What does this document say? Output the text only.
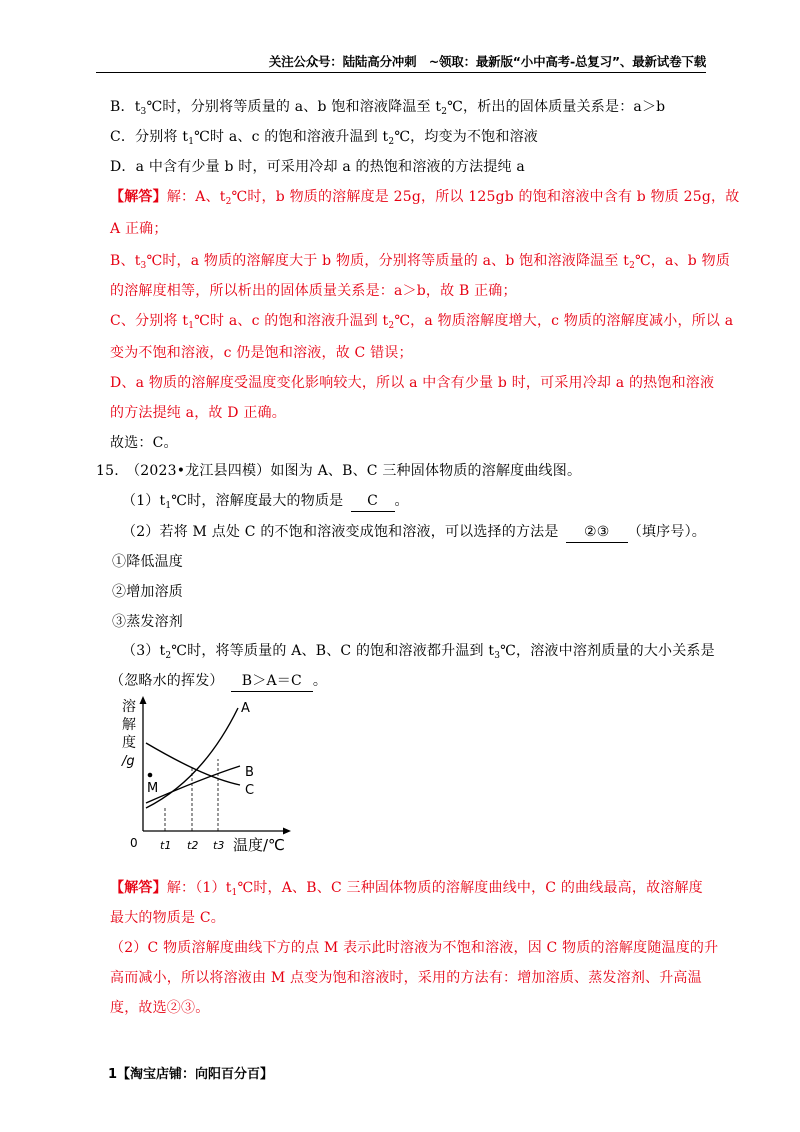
关注公众号：陆陆高分冲刺　~领取：最新版“小中高考-总复习”、最新试卷下载
B．$t_3℃$时，分别将等质量的 a、b 饱和溶液降温至 $t_2℃$，析出的固体质量关系是：a＞b
C．分别将 $t_1℃$时 a、c 的饱和溶液升温到 $t_2℃$，均变为不饱和溶液
D．a 中含有少量 b 时，可采用冷却 a 的热饱和溶液的方法提纯 a
【解答】解：A、$t_2℃$时，b 物质的溶解度是 25g，所以 125gb 的饱和溶液中含有 b 物质 25g，故
A 正确；
B、$t_3℃$时，a 物质的溶解度大于 b 物质，分别将等质量的 a、b 饱和溶液降温至 $t_2℃$，a、b 物质
的溶解度相等，所以析出的固体质量关系是：a＞b，故 B 正确；
C、分别将 $t_1℃$时 a、c 的饱和溶液升温到 $t_2℃$，a 物质溶解度增大，c 物质的溶解度减小，所以 a
变为不饱和溶液，c 仍是饱和溶液，故 C 错误；
D、a 物质的溶解度受温度变化影响较大，所以 a 中含有少量 b 时，可采用冷却 a 的热饱和溶液
的方法提纯 a，故 D 正确。
故选：C。
15.　（2023•龙江县四模）如图为 A、B、C 三种固体物质的溶解度曲线图。
$(1)t_1℃$时，溶解度最大的物质是  C 。
（2）若将 M 点处 C 的不饱和溶液变成饱和溶液，可以选择的方法是  ②③ （填序号）。
①降低温度
②增加溶质
③蒸发溶剂
$(3)t_2℃$时，将等质量的 A、B、C 的饱和溶液都升温到 $t_3℃$，溶液中溶剂质量的大小关系是
（忽略水的挥发）  B＞A＝C 。
溶
解
度
/g
M
A
B
C
0 t1 t2 t3 温度/℃
【解答】解：$(1)t_1℃$时，A、B、C 三种固体物质的溶解度曲线中，C 的曲线最高，故溶解度
最大的物质是 C。
（2）C 物质溶解度曲线下方的点 M 表示此时溶液为不饱和溶液，因 C 物质的溶解度随温度的升
高而减小，所以将溶液由 M 点变为饱和溶液时，采用的方法有：增加溶质、蒸发溶剂、升高温
度，故选②③。
1【淘宝店铺：向阳百分百】
